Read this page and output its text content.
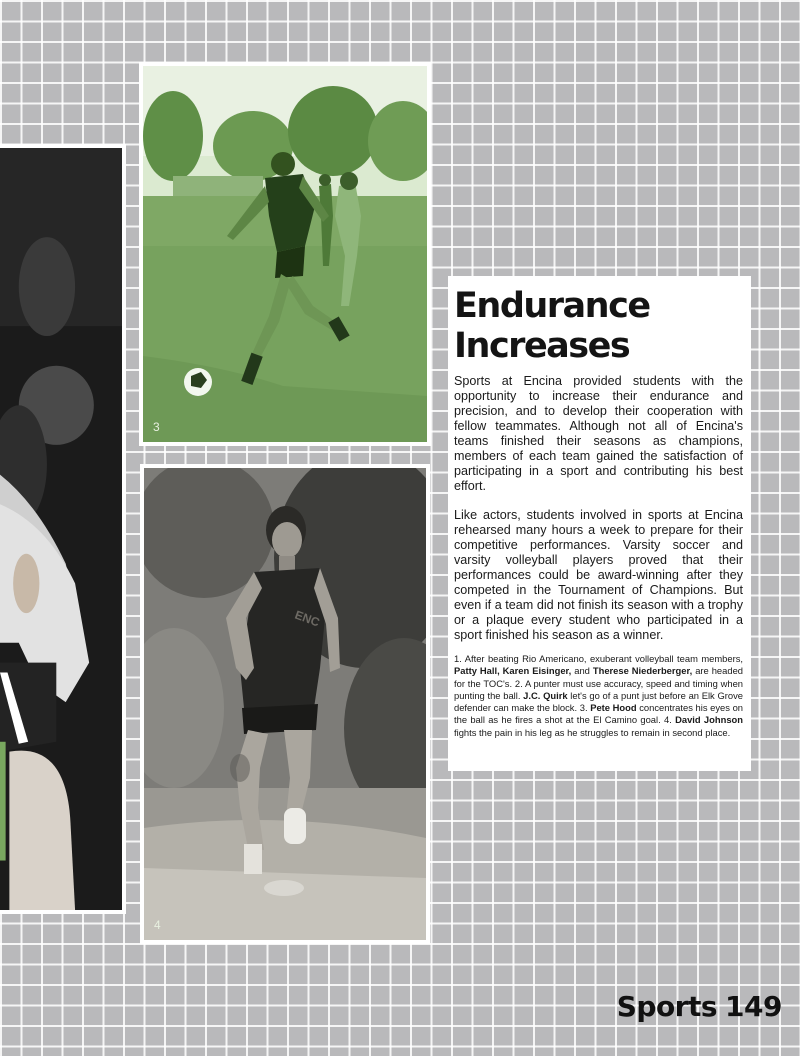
3
ENC
4
Endurance
Increases

Sports at Encina provided students with the opportunity to increase their endurance and precision, and to develop their cooperation with fellow teammates. Although not all of Encina's teams finished their seasons as champions, members of each team gained the satisfaction of participating in a sport and contributing his best effort.

Like actors, students involved in sports at Encina rehearsed many hours a week to prepare for their competitive performances. Varsity soccer and varsity volleyball players proved that their performances could be award-winning after they competed in the Tournament of Champions. But even if a team did not finish its season with a trophy or a plaque every student who participated in a sport finished his season as a winner.

1. After beating Rio Americano, exuberant volleyball team members, Patty Hall, Karen Eisinger, and Therese Niederberger, are headed for the TOC's. 2. A punter must use accuracy, speed and timing when punting the ball. J.C. Quirk let's go of a punt just before an Elk Grove defender can make the block. 3. Pete Hood concentrates his eyes on the ball as he fires a shot at the El Camino goal. 4. David Johnson fights the pain in his leg as he struggles to remain in second place.

Sports 149
